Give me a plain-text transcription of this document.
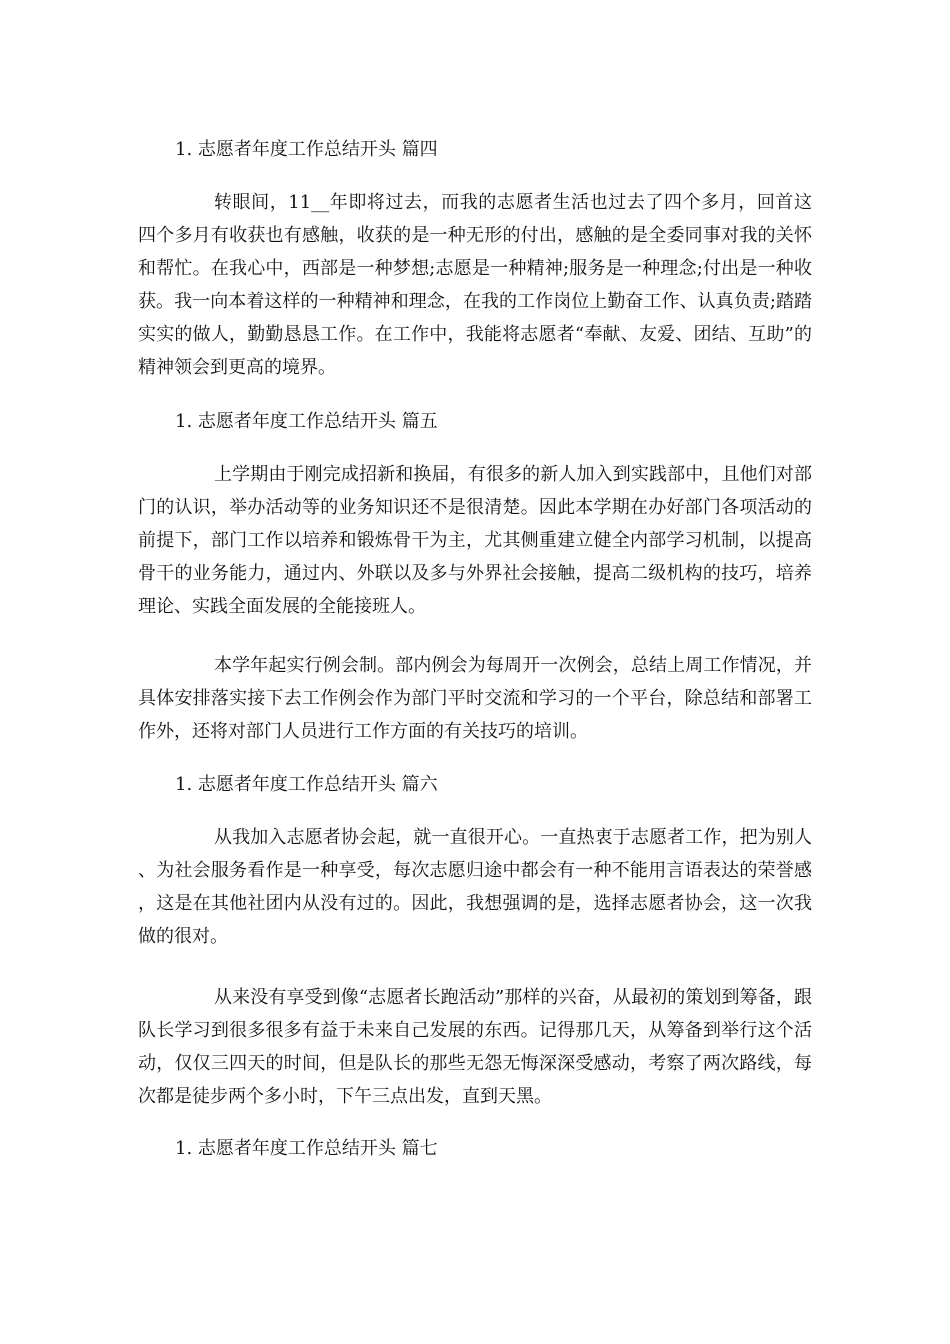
1. 志愿者年度工作总结开头 篇四
转眼间，11__年即将过去，而我的志愿者生活也过去了四个多月，回首这四个多月有收获也有感触，收获的是一种无形的付出，感触的是全委同事对我的关怀和帮忙。在我心中，西部是一种梦想;志愿是一种精神;服务是一种理念;付出是一种收获。我一向本着这样的一种精神和理念，在我的工作岗位上勤奋工作、认真负责;踏踏实实的做人，勤勤恳恳工作。在工作中，我能将志愿者“奉献、友爱、团结、互助”的精神领会到更高的境界。
1. 志愿者年度工作总结开头 篇五
上学期由于刚完成招新和换届，有很多的新人加入到实践部中，且他们对部门的认识，举办活动等的业务知识还不是很清楚。因此本学期在办好部门各项活动的前提下，部门工作以培养和锻炼骨干为主，尤其侧重建立健全内部学习机制，以提高骨干的业务能力，通过内、外联以及多与外界社会接触，提高二级机构的技巧，培养理论、实践全面发展的全能接班人。
本学年起实行例会制。部内例会为每周开一次例会，总结上周工作情况，并具体安排落实接下去工作例会作为部门平时交流和学习的一个平台，除总结和部署工作外，还将对部门人员进行工作方面的有关技巧的培训。
1. 志愿者年度工作总结开头 篇六
从我加入志愿者协会起，就一直很开心。一直热衷于志愿者工作，把为别人、为社会服务看作是一种享受，每次志愿归途中都会有一种不能用言语表达的荣誉感，这是在其他社团内从没有过的。因此，我想强调的是，选择志愿者协会，这一次我做的很对。
从来没有享受到像“志愿者长跑活动”那样的兴奋，从最初的策划到筹备，跟队长学习到很多很多有益于未来自己发展的东西。记得那几天，从筹备到举行这个活动，仅仅三四天的时间，但是队长的那些无怨无悔深深受感动，考察了两次路线，每次都是徒步两个多小时，下午三点出发，直到天黑。
1. 志愿者年度工作总结开头 篇七
